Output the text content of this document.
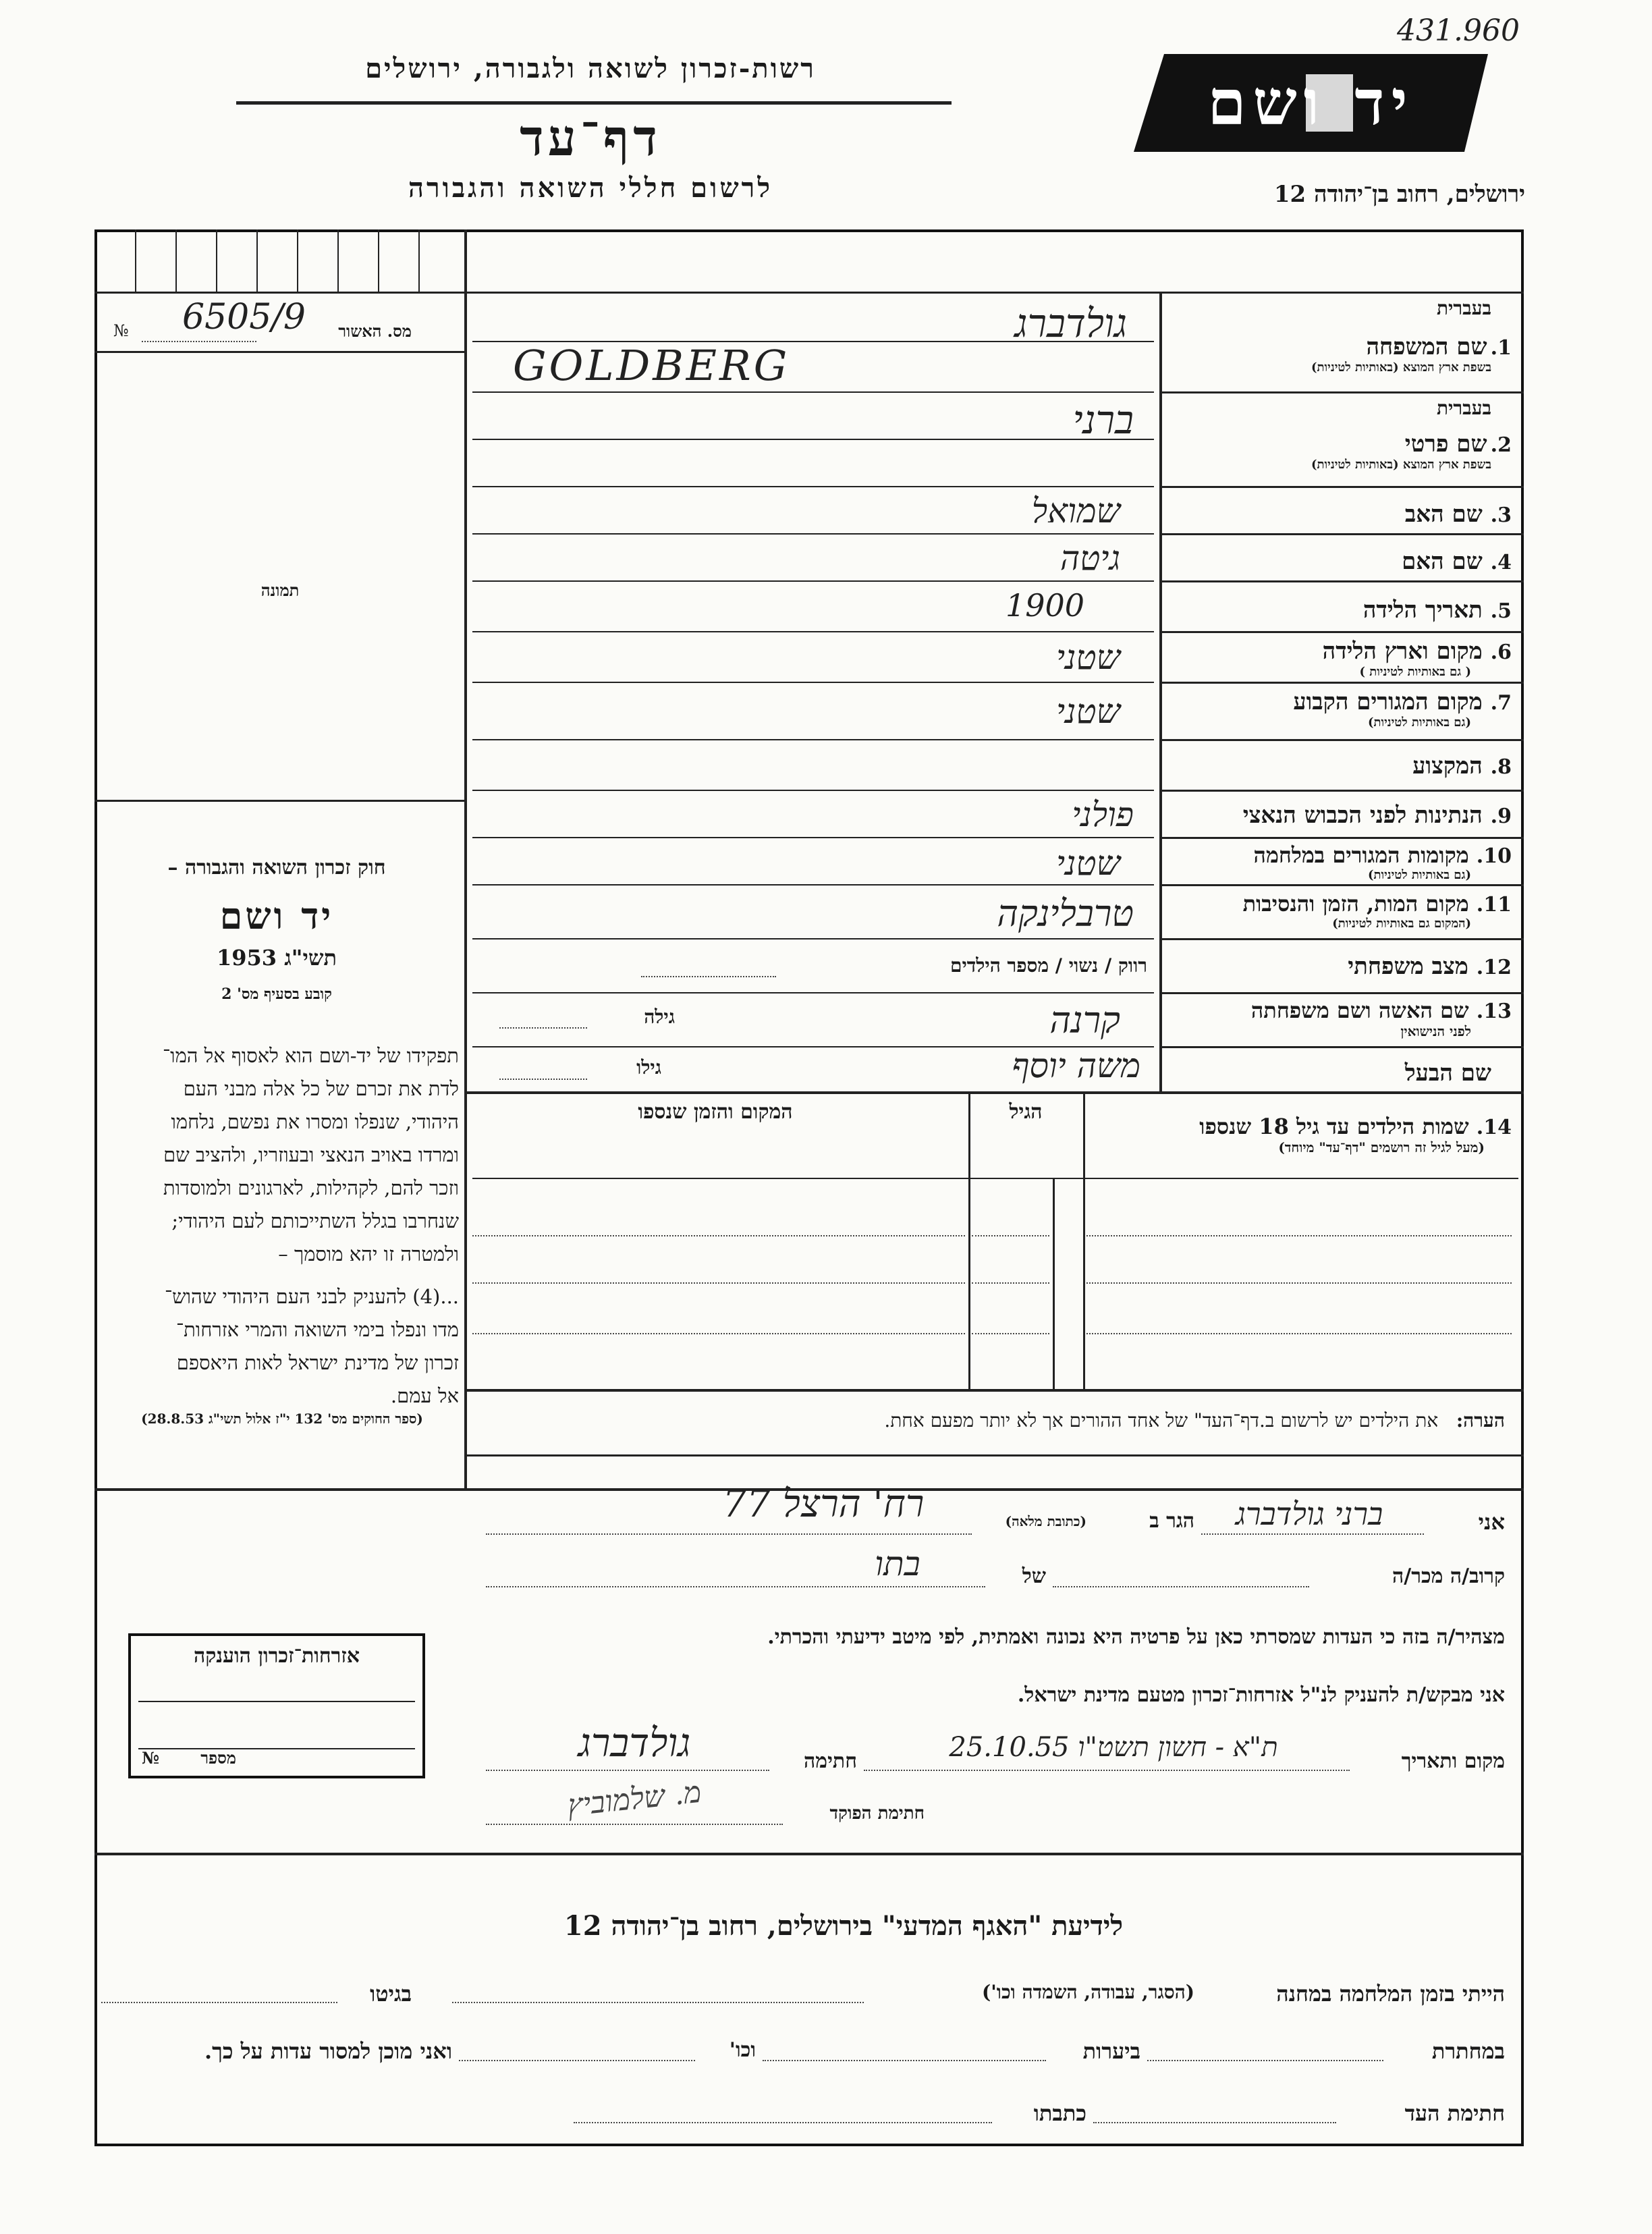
431.960
רשות-זכרון לשואה ולגבורה, ירושלים
דף־עד
לרשום חללי השואה והגבורה
יד ושם
ירושלים, רחוב בן־יהודה 12
מס. האשור
№ 6505/9
תמונה
חוק זכרון השואה והגבורה –
יד ושם
תשי"ג 1953
קובע בסעיף מס' 2
תפקידו של יד-ושם הוא לאסוף אל המו־
לדת את זכרם של כל אלה מבני העם
היהודי, שנפלו ומסרו את נפשם, נלחמו
ומרדו באויב הנאצי ובעוזריו, ולהציב שם
וזכר להם, לקהילות, לארגונים ולמוסדות
שנחרבו בגלל השתייכותם לעם היהודי;
ולמטרה זו יהא מוסמך –
...(4) להעניק לבני העם היהודי שהוש־
מדו ונפלו בימי השואה והמרי אזרחות־
זכרון של מדינת ישראל לאות היאספם
אל עמם.
(ספר החוקים מס' 132 י"ז אלול תשי"ג 28.8.53)
בעברית
1. שם המשפחה
בשפת ארץ המוצא (באותיות לטיניות)
בעברית
2. שם פרטי
בשפת ארץ המוצא (באותיות לטיניות)
3. שם האב
4. שם האם
5. תאריך הלידה
6. מקום וארץ הלידה
( גם באותיות לטיניות )
7. מקום המגורים הקבוע
(גם באותיות לטיניות)
8. המקצוע
9. הנתינות לפני הכבוש הנאצי
10. מקומות המגורים במלחמה
(גם באותיות לטיניות)
11. מקום המות, הזמן והנסיבות
(המקום גם באותיות לטיניות)
12. מצב משפחתי
13. שם האשה ושם משפחתה
לפני הנישואין
שם הבעל
גולדברג
GOLDBERG
ברני
שמואל
גיטה
1900
שטני
שטני
פולני
שטני
טרבלינקה
רווק / נשוי / מספר הילדים
קרנה
גילה
משה יוסף
גילו
14. שמות הילדים עד גיל 18 שנספו
(מעל לגיל זה רושמים "דף־עד" מיוחד)
הגיל
המקום והזמן שנספו
הערה:   את הילדים יש לרשום ב.דף־העד" של אחד ההורים אך לא יותר מפעם אחת.
אני
ברני גולדברג
הגר ב
(כתובת מלאה)
רח' הרצל 77
קרוב/ה מכר/ה
של
בתו
מצהיר/ה בזה כי העדות שמסרתי כאן על פרטיה היא נכונה ואמתית, לפי מיטב ידיעתי והכרתי.
אני מבקש/ת להעניק לנ"ל אזרחות־זכרון מטעם מדינת ישראל.
מקום ותאריך
ת"א - חשון תשט"ו 25.10.55
חתימה
גולדברג
חתימת הפוקד
מ. שלמוביץ
אזרחות־זכרון הוענקה
מספר
№
לידיעת "האגף המדעי" בירושלים, רחוב בן־יהודה 12
הייתי בזמן המלחמה במחנה
(הסגר, עבודה, השמדה וכו')
בגיטו
במחתרת
ביערות
וכו'
ואני מוכן למסור עדות על כך.
חתימת העד
כתבתו
